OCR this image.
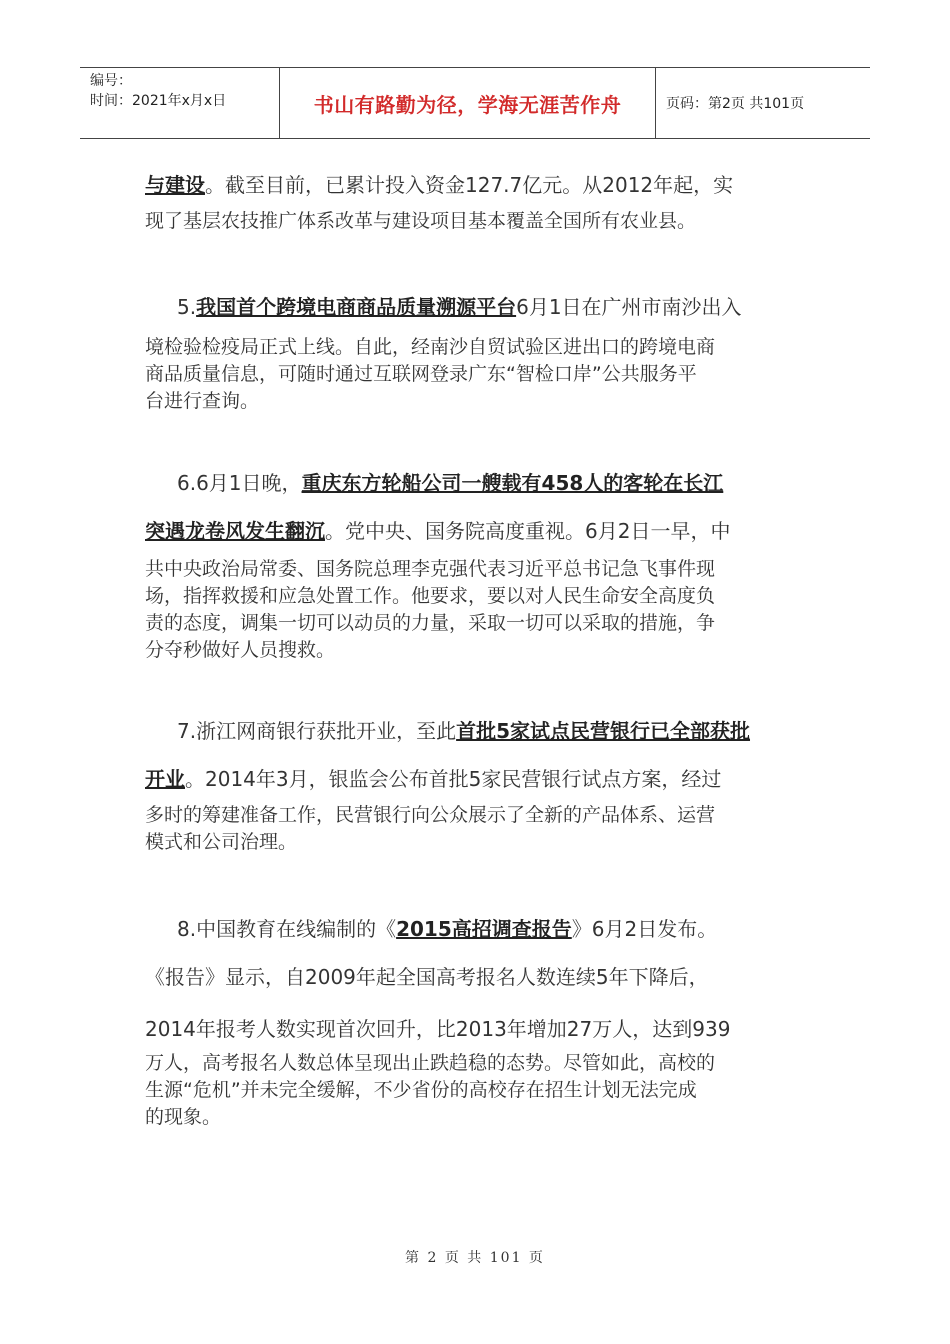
编号：
时间：2021年x月x日	书山有路勤为径，学海无涯苦作舟	页码：第2页 共101页
与建设。截至目前，已累计投入资金127.7亿元。从2012年起，实
现了基层农技推广体系改革与建设项目基本覆盖全国所有农业县。
5.我国首个跨境电商商品质量溯源平台6月1日在广州市南沙出入
境检验检疫局正式上线。自此，经南沙自贸试验区进出口的跨境电商
商品质量信息，可随时通过互联网登录广东“智检口岸”公共服务平
台进行查询。
6.6月1日晚，重庆东方轮船公司一艘载有458人的客轮在长江
突遇龙卷风发生翻沉。党中央、国务院高度重视。6月2日一早，中
共中央政治局常委、国务院总理李克强代表习近平总书记急飞事件现
场，指挥救援和应急处置工作。他要求，要以对人民生命安全高度负
责的态度，调集一切可以动员的力量，采取一切可以采取的措施，争
分夺秒做好人员搜救。
7.浙江网商银行获批开业，至此首批5家试点民营银行已全部获批
开业。2014年3月，银监会公布首批5家民营银行试点方案，经过
多时的筹建准备工作，民营银行向公众展示了全新的产品体系、运营
模式和公司治理。
8.中国教育在线编制的《2015高招调查报告》6月2日发布。
《报告》显示，自2009年起全国高考报名人数连续5年下降后，
2014年报考人数实现首次回升，比2013年增加27万人，达到939
万人，高考报名人数总体呈现出止跌趋稳的态势。尽管如此，高校的
生源“危机”并未完全缓解，不少省份的高校存在招生计划无法完成
的现象。
第 2 页 共 101 页
